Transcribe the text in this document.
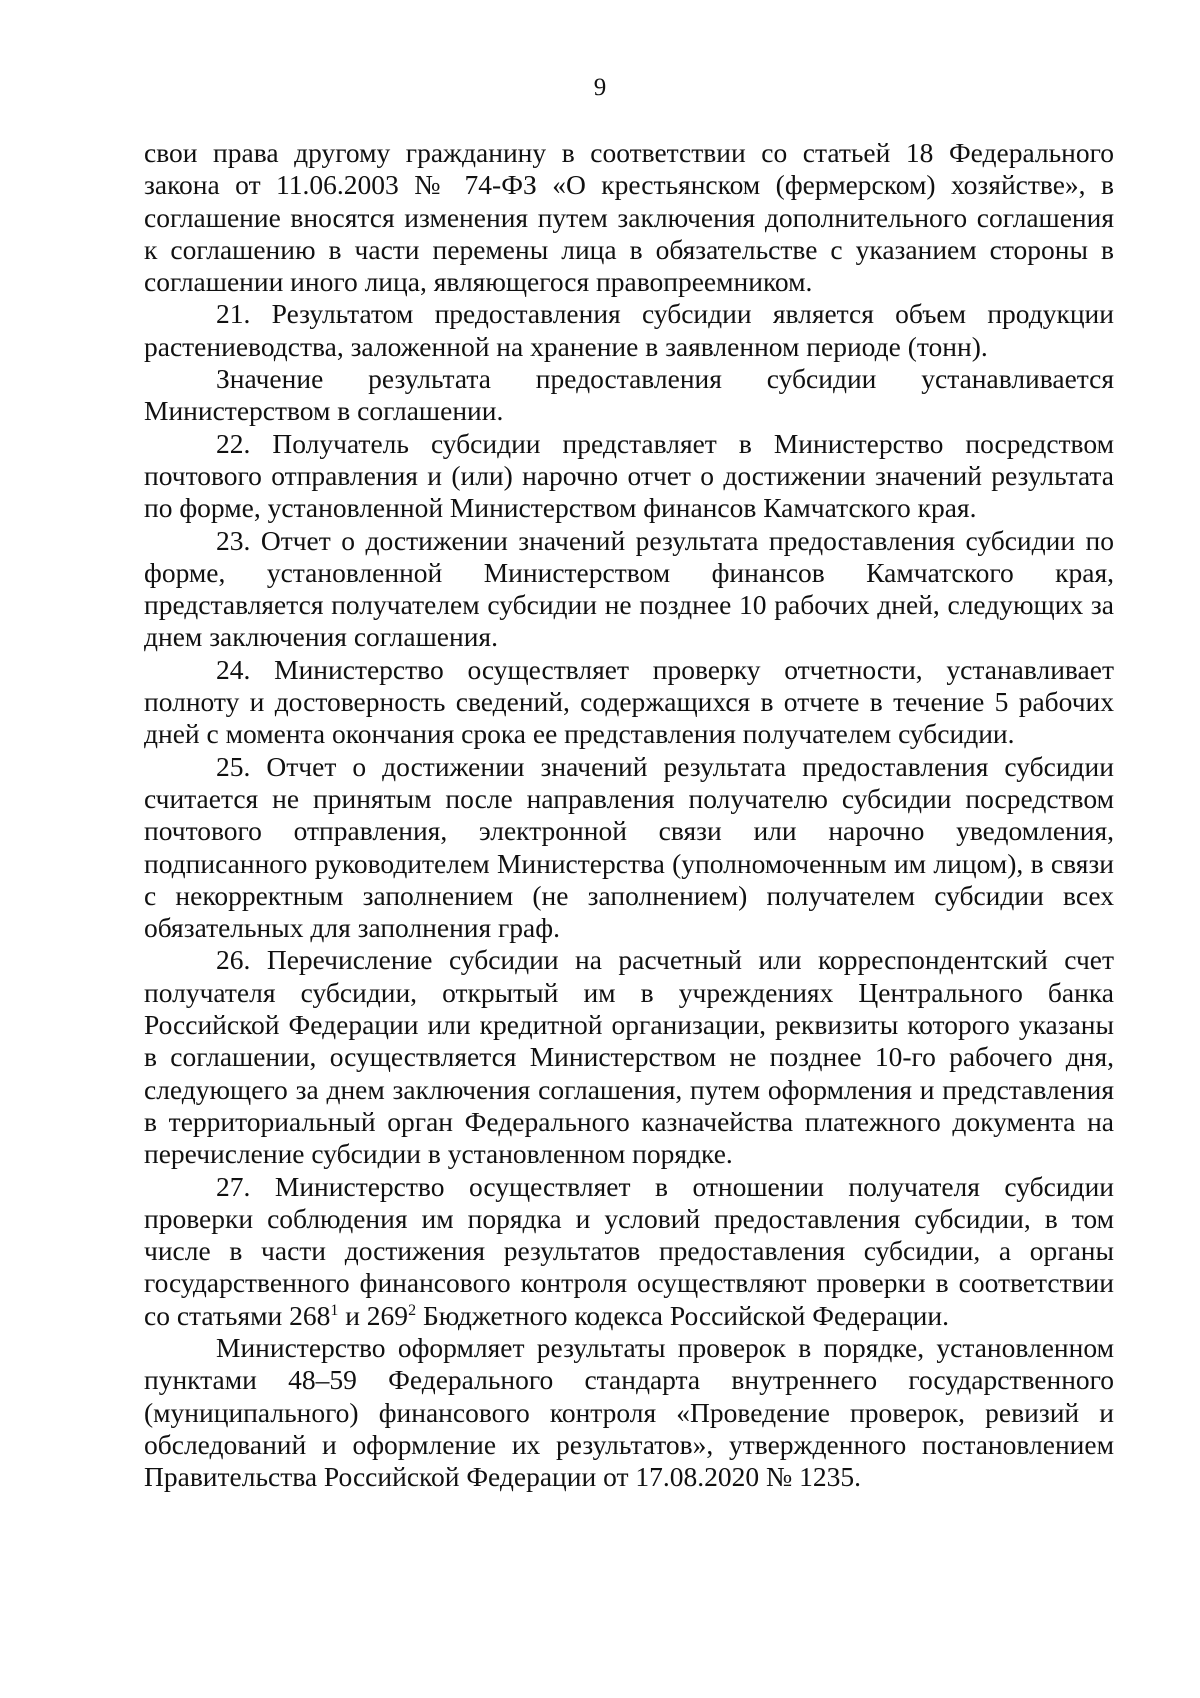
9

свои права другому гражданину в соответствии со статьей 18 Федерального закона от 11.06.2003 № 74-ФЗ «О крестьянском (фермерском) хозяйстве», в соглашение вносятся изменения путем заключения дополнительного соглашения к соглашению в части перемены лица в обязательстве с указанием стороны в соглашении иного лица, являющегося правопреемником.

21. Результатом предоставления субсидии является объем продукции растениеводства, заложенной на хранение в заявленном периоде (тонн).

Значение результата предоставления субсидии устанавливается Министерством в соглашении.

22. Получатель субсидии представляет в Министерство посредством почтового отправления и (или) нарочно отчет о достижении значений результата по форме, установленной Министерством финансов Камчатского края.

23. Отчет о достижении значений результата предоставления субсидии по форме, установленной Министерством финансов Камчатского края, представляется получателем субсидии не позднее 10 рабочих дней, следующих за днем заключения соглашения.

24. Министерство осуществляет проверку отчетности, устанавливает полноту и достоверность сведений, содержащихся в отчете в течение 5 рабочих дней с момента окончания срока ее представления получателем субсидии.

25. Отчет о достижении значений результата предоставления субсидии считается не принятым после направления получателю субсидии посредством почтового отправления, электронной связи или нарочно уведомления, подписанного руководителем Министерства (уполномоченным им лицом), в связи с некорректным заполнением (не заполнением) получателем субсидии всех обязательных для заполнения граф.

26. Перечисление субсидии на расчетный или корреспондентский счет получателя субсидии, открытый им в учреждениях Центрального банка Российской Федерации или кредитной организации, реквизиты которого указаны в соглашении, осуществляется Министерством не позднее 10-го рабочего дня, следующего за днем заключения соглашения, путем оформления и представления в территориальный орган Федерального казначейства платежного документа на перечисление субсидии в установленном порядке.

27. Министерство осуществляет в отношении получателя субсидии проверки соблюдения им порядка и условий предоставления субсидии, в том числе в части достижения результатов предоставления субсидии, а органы государственного финансового контроля осуществляют проверки в соответствии со статьями $268^1$ и $269^2$ Бюджетного кодекса Российской Федерации.

Министерство оформляет результаты проверок в порядке, установленном пунктами 48–59 Федерального стандарта внутреннего государственного (муниципального) финансового контроля «Проведение проверок, ревизий и обследований и оформление их результатов», утвержденного постановлением Правительства Российской Федерации от 17.08.2020 № 1235.
